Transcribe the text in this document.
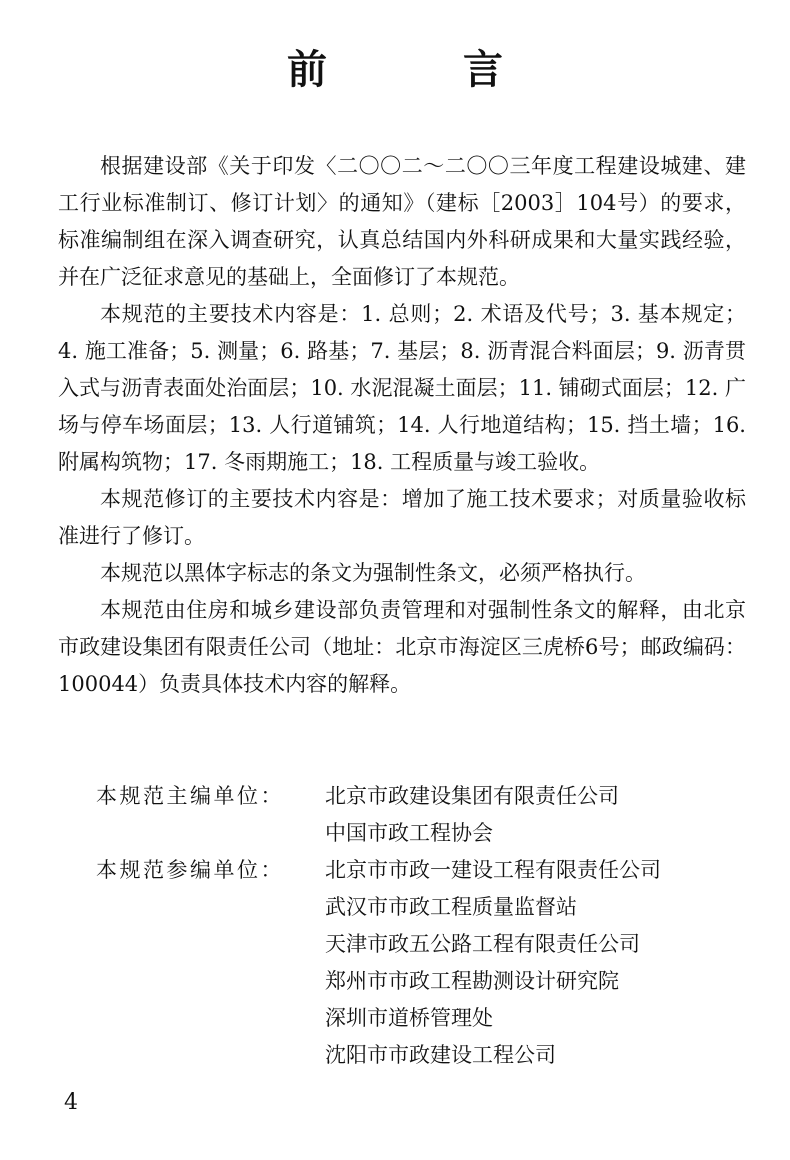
前　言

根据建设部《关于印发〈二〇〇二～二〇〇三年度工程建设城建、建工行业标准制订、修订计划〉的通知》（建标［2003］104号）的要求，标准编制组在深入调查研究，认真总结国内外科研成果和大量实践经验，并在广泛征求意见的基础上，全面修订了本规范。

本规范的主要技术内容是：1. 总则；2. 术语及代号；3. 基本规定；4. 施工准备；5. 测量；6. 路基；7. 基层；8. 沥青混合料面层；9. 沥青贯入式与沥青表面处治面层；10. 水泥混凝土面层；11. 铺砌式面层；12. 广场与停车场面层；13. 人行道铺筑；14. 人行地道结构；15. 挡土墙；16. 附属构筑物；17. 冬雨期施工；18. 工程质量与竣工验收。

本规范修订的主要技术内容是：增加了施工技术要求；对质量验收标准进行了修订。

本规范以黑体字标志的条文为强制性条文，必须严格执行。

本规范由住房和城乡建设部负责管理和对强制性条文的解释，由北京市政建设集团有限责任公司（地址：北京市海淀区三虎桥6号；邮政编码：100044）负责具体技术内容的解释。

本规范主编单位：	北京市政建设集团有限责任公司
中国市政工程协会
本规范参编单位：	北京市市政一建设工程有限责任公司
武汉市市政工程质量监督站
天津市政五公路工程有限责任公司
郑州市市政工程勘测设计研究院
深圳市道桥管理处
沈阳市市政建设工程公司
4
